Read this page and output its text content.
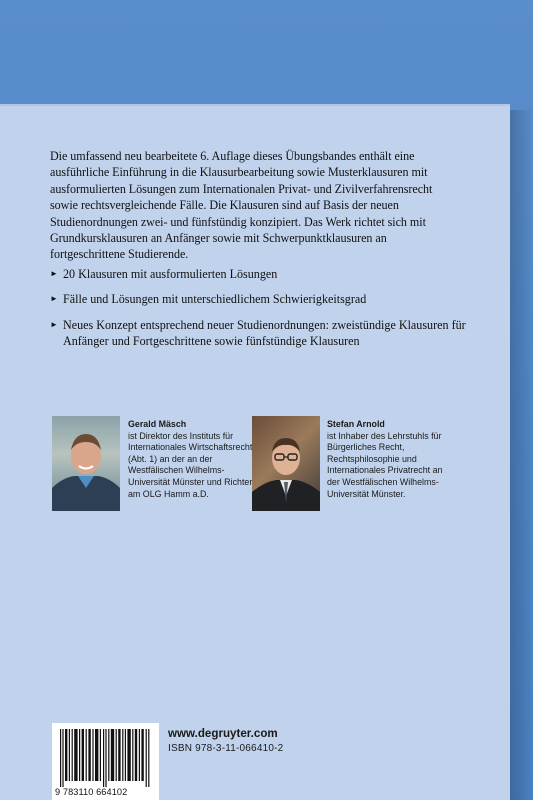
Die umfassend neu bearbeitete 6. Auflage dieses Übungsbandes enthält eine ausführliche Einführung in die Klausurbearbeitung sowie Musterklausuren mit ausformulierten Lösungen zum Internationalen Privat- und Zivilverfahrensrecht sowie rechtsvergleichende Fälle. Die Klausuren sind auf Basis der neuen Studienordnungen zwei- und fünfstündig konzipiert. Das Werk richtet sich mit Grundkursklausuren an Anfänger sowie mit Schwerpunktklausuren an fortgeschrittene Studierende.
► 20 Klausuren mit ausformulierten Lösungen
► Fälle und Lösungen mit unterschiedlichem Schwierigkeitsgrad
► Neues Konzept entsprechend neuer Studienordnungen: zweistündige Klausuren für Anfänger und Fortgeschrittene sowie fünfstündige Klausuren
Gerald Mäsch
ist Direktor des Instituts für Internationales Wirtschaftsrecht (Abt. 1) an der an der Westfälischen Wilhelms-Universität Münster und Richter am OLG Hamm a.D.
Stefan Arnold
ist Inhaber des Lehrstuhls für Bürgerliches Recht, Rechtsphilosophie und Internationales Privatrecht an der Westfälischen Wilhelms-Universität Münster.
www.degruyter.com
ISBN 978-3-11-066410-2
9 783110 664102
